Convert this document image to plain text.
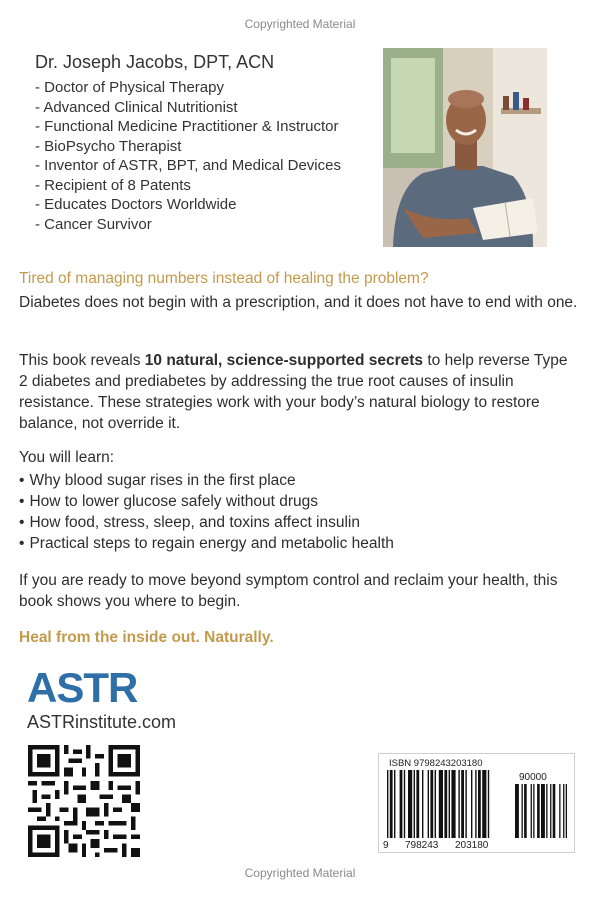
Copyrighted Material
Dr. Joseph Jacobs, DPT, ACN
- Doctor of Physical Therapy
- Advanced Clinical Nutritionist
- Functional Medicine Practitioner & Instructor
- BioPsycho Therapist
- Inventor of ASTR, BPT, and Medical Devices
- Recipient of 8 Patents
- Educates Doctors Worldwide
- Cancer Survivor
Tired of managing numbers instead of healing the problem?

Diabetes does not begin with a prescription, and it does not have to end with one.

This book reveals 10 natural, science-supported secrets to help reverse Type 2 diabetes and prediabetes by addressing the true root causes of insulin resistance. These strategies work with your body’s natural biology to restore balance, not override it.

You will learn:
• Why blood sugar rises in the first place
• How to lower glucose safely without drugs
• How food, stress, sleep, and toxins affect insulin
• Practical steps to regain energy and metabolic health

If you are ready to move beyond symptom control and reclaim your health, this book shows you where to begin.

Heal from the inside out. Naturally.
ASTR
ASTRinstitute.com
ISBN 9798243203180
90000
9 798243 203180
Copyrighted Material
